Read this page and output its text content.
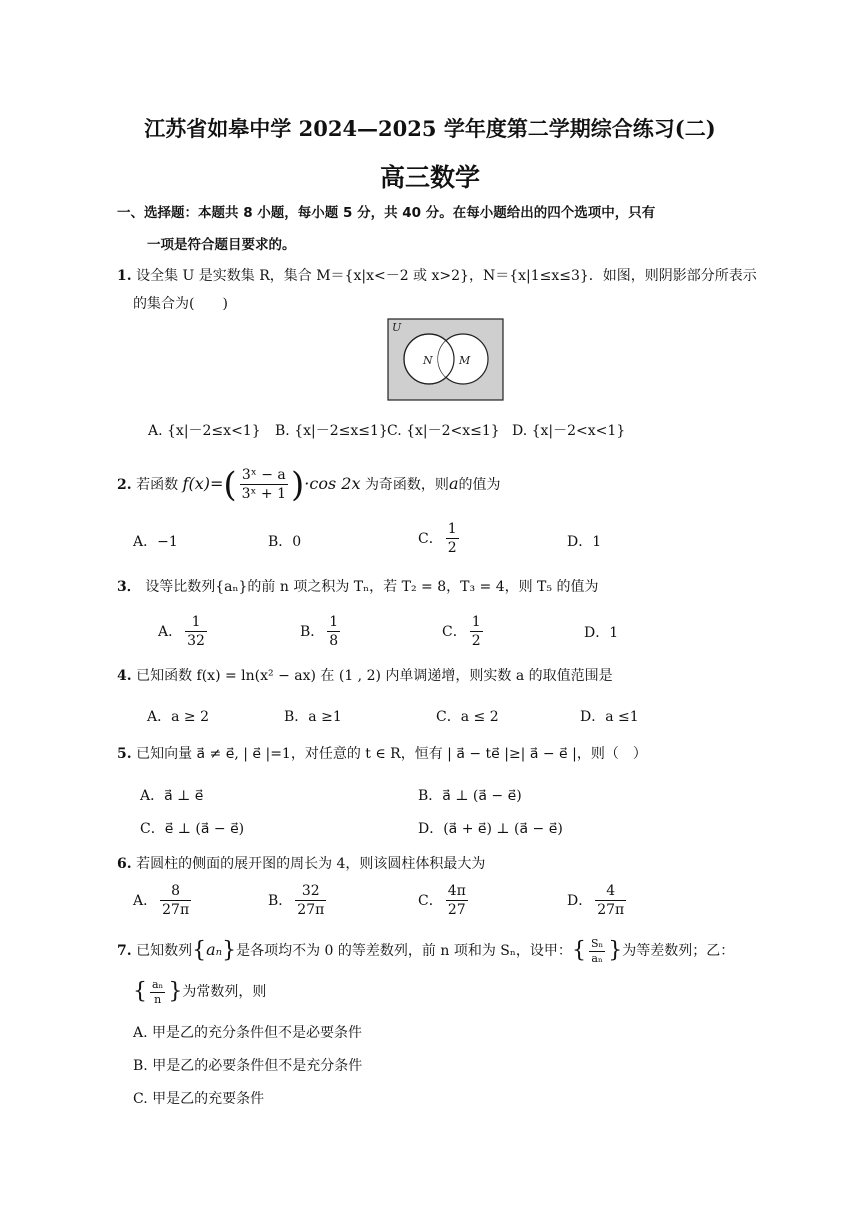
江苏省如皋中学 2024—2025 学年度第二学期综合练习(二)
高三数学
一、选择题：本题共 8 小题，每小题 5 分，共 40 分。在每小题给出的四个选项中，只有
一项是符合题目要求的。
1. 设全集 U 是实数集 R，集合 M＝{x|x<－2 或 x>2}，N＝{x|1≤x≤3}．如图，则阴影部分所表示
的集合为(　　)
U
N M
A. {x|－2≤x<1} B. {x|－2≤x≤1} C. {x|－2<x≤1} D. {x|－2<x<1}
2. 若函数 $f(x)=( \frac{\text{3ˣ − a}}{\text{3ˣ + 1}} )\cdot\cos$ 2x 为奇函数，则a的值为
A．−1	B．0	C． $\frac{1}{2}$	D．1
3． 设等比数列{aₙ}的前 n 项之积为 Tₙ，若 T₂ = 8，T₃ = 4，则 T₅ 的值为
A． $\frac{1}{32}$	B． $\frac{1}{8}$	C． $\frac{1}{2}$	D．1
4. 已知函数 f(x) = ln(x² − ax) 在 (1 , 2) 内单调递增，则实数 a 的取值范围是
A．a ≥ 2	B．a ≥1	C．a ≤ 2	D．a ≤1
5. 已知向量 a⃗ ≠ e⃗, | e⃗ |=1，对任意的 t ∈ R，恒有 | a⃗ − te⃗ |≥| a⃗ − e⃗ |，则（　）
A．a⃗ ⊥ e⃗	B．a⃗ ⊥ (a⃗ − e⃗)
C．e⃗ ⊥ (a⃗ − e⃗)	D．(a⃗ + e⃗) ⊥ (a⃗ − e⃗)
6. 若圆柱的侧面的展开图的周长为 4，则该圆柱体积最大为
A． $\frac{8}{27\pi}$	B． $\frac{32}{27\pi}$	C． $\frac{4\pi}{27}$	D． $\frac{4}{27\pi}$
7. 已知数列{aₙ}是各项均不为 0 的等差数列，前 n 项和为 Sₙ，设甲：{ $\frac{\text{Sₙ}}{\text{aₙ}}$ }为等差数列；乙：
{ $\frac{\text{aₙ}}{n}$ }为常数列，则
A. 甲是乙的充分条件但不是必要条件
B. 甲是乙的必要条件但不是充分条件
C. 甲是乙的充要条件
